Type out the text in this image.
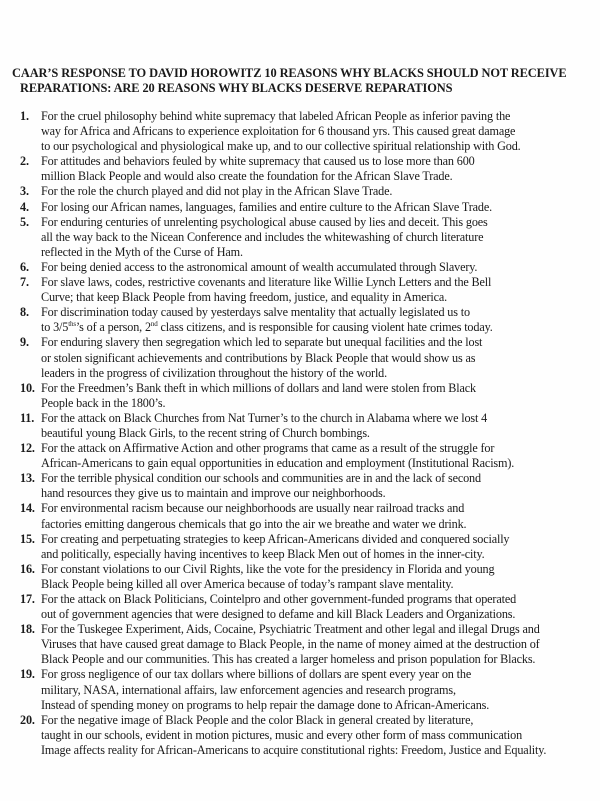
CAAR’S RESPONSE TO DAVID HOROWITZ 10 REASONS WHY BLACKS SHOULD NOT RECEIVE
REPARATIONS: ARE 20 REASONS WHY BLACKS DESERVE REPARATIONS
1. For the cruel philosophy behind white supremacy that labeled African People as inferior paving the
way for Africa and Africans to experience exploitation for 6 thousand yrs. This caused great damage
to our psychological and physiological make up, and to our collective spiritual relationship with God.
2. For attitudes and behaviors feuled by white supremacy that caused us to lose more than 600
million Black People and would also create the foundation for the African Slave Trade.
3. For the role the church played and did not play in the African Slave Trade.
4. For losing our African names, languages, families and entire culture to the African Slave Trade.
5. For enduring centuries of unrelenting psychological abuse caused by lies and deceit. This goes
all the way back to the Nicean Conference and includes the whitewashing of church literature
reflected in the Myth of the Curse of Ham.
6. For being denied access to the astronomical amount of wealth accumulated through Slavery.
7. For slave laws, codes, restrictive covenants and literature like Willie Lynch Letters and the Bell
Curve; that keep Black People from having freedom, justice, and equality in America.
8. For discrimination today caused by yesterdays salve mentality that actually legislated us to
to $3/5^{ths}’s$ of a person, 2nd class citizens, and is responsible for causing violent hate crimes today.
9. For enduring slavery then segregation which led to separate but unequal facilities and the lost
or stolen significant achievements and contributions by Black People that would show us as
leaders in the progress of civilization throughout the history of the world.
10. For the Freedmen’s Bank theft in which millions of dollars and land were stolen from Black
People back in the 1800’s.
11. For the attack on Black Churches from Nat Turner’s to the church in Alabama where we lost 4
beautiful young Black Girls, to the recent string of Church bombings.
12. For the attack on Affirmative Action and other programs that came as a result of the struggle for
African-Americans to gain equal opportunities in education and employment (Institutional Racism).
13. For the terrible physical condition our schools and communities are in and the lack of second
hand resources they give us to maintain and improve our neighborhoods.
14. For environmental racism because our neighborhoods are usually near railroad tracks and
factories emitting dangerous chemicals that go into the air we breathe and water we drink.
15. For creating and perpetuating strategies to keep African-Americans divided and conquered socially
and politically, especially having incentives to keep Black Men out of homes in the inner-city.
16. For constant violations to our Civil Rights, like the vote for the presidency in Florida and young
Black People being killed all over America because of today’s rampant slave mentality.
17. For the attack on Black Politicians, Cointelpro and other government-funded programs that operated
out of government agencies that were designed to defame and kill Black Leaders and Organizations.
18. For the Tuskegee Experiment, Aids, Cocaine, Psychiatric Treatment and other legal and illegal Drugs and
Viruses that have caused great damage to Black People, in the name of money aimed at the destruction of
Black People and our communities. This has created a larger homeless and prison population for Blacks.
19. For gross negligence of our tax dollars where billions of dollars are spent every year on the
military, NASA, international affairs, law enforcement agencies and research programs,
Instead of spending money on programs to help repair the damage done to African-Americans.
20. For the negative image of Black People and the color Black in general created by literature,
taught in our schools, evident in motion pictures, music and every other form of mass communication
Image affects reality for African-Americans to acquire constitutional rights: Freedom, Justice and Equality.
